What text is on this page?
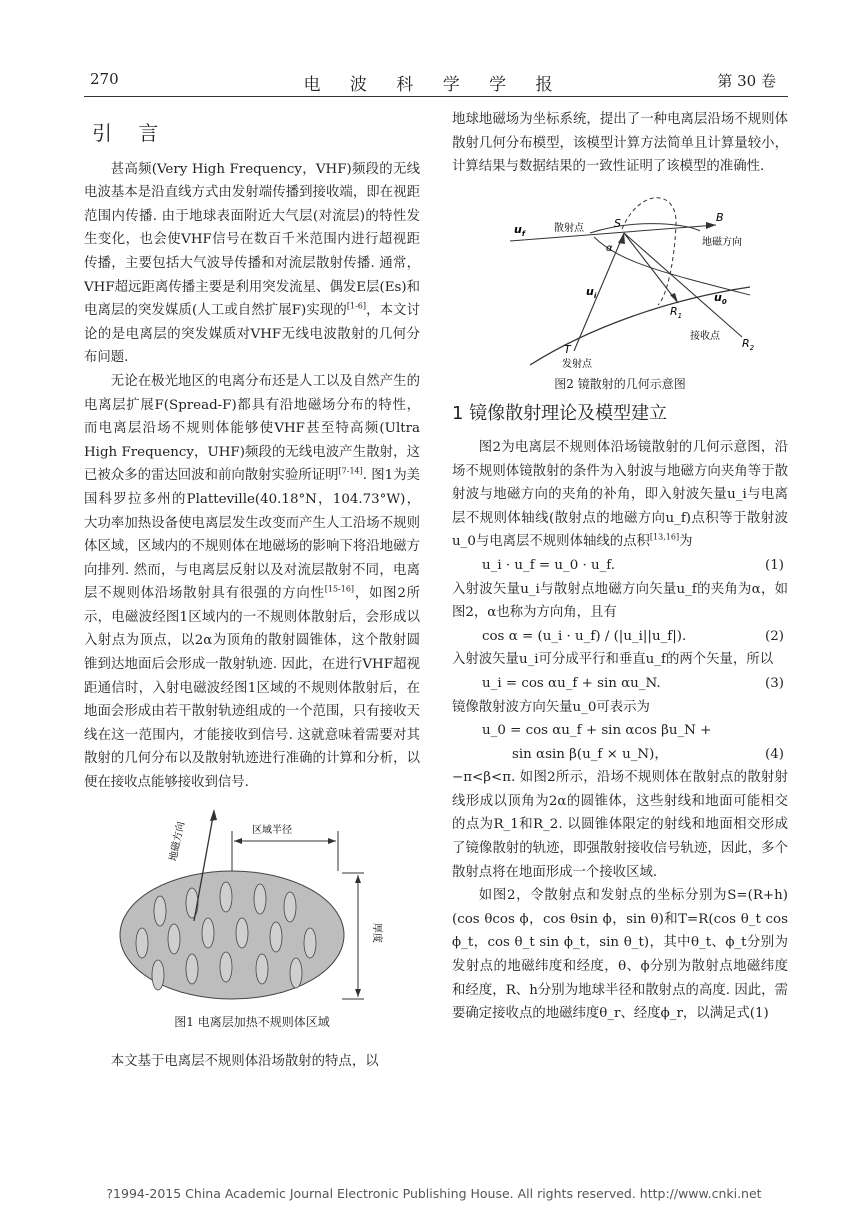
270	电 波 科 学 学 报	第 30 卷
引 言

甚高频(Very High Frequency，VHF)频段的无线电波基本是沿直线方式由发射端传播到接收端，即在视距范围内传播. 由于地球表面附近大气层(对流层)的特性发生变化，也会使VHF信号在数百千米范围内进行超视距传播，主要包括大气波导传播和对流层散射传播. 通常，VHF超远距离传播主要是利用突发流星、偶发E层(Es)和电离层的突发媒质(人工或自然扩展F)实现的[1-6]，本文讨论的是电离层的突发媒质对VHF无线电波散射的几何分布问题.

无论在极光地区的电离分布还是人工以及自然产生的电离层扩展F(Spread-F)都具有沿地磁场分布的特性，而电离层沿场不规则体能够使VHF甚至特高频(Ultra High Frequency，UHF)频段的无线电波产生散射，这已被众多的雷达回波和前向散射实验所证明[7-14]. 图1为美国科罗拉多州的Platteville(40.18°N，104.73°W)，大功率加热设备使电离层发生改变而产生人工沿场不规则体区域，区域内的不规则体在地磁场的影响下将沿地磁方向排列. 然而，与电离层反射以及对流层散射不同，电离层不规则体沿场散射具有很强的方向性[15-16]，如图2所示，电磁波经图1区域内的一不规则体散射后，会形成以入射点为顶点，以2α为顶角的散射圆锥体，这个散射圆锥到达地面后会形成一散射轨迹. 因此，在进行VHF超视距通信时，入射电磁波经图1区域的不规则体散射后，在地面会形成由若干散射轨迹组成的一个范围，只有接收天线在这一范围内，才能接收到信号. 这就意味着需要对其散射的几何分布以及散射轨迹进行准确的计算和分析，以便在接收点能够接收到信号.

地磁方向	区域半径
厚度
图1 电离层加热不规则体区域

本文基于电离层不规则体沿场散射的特点，以

地球地磁场为坐标系统，提出了一种电离层沿场不规则体散射几何分布模型，该模型计算方法简单且计算量较小，计算结果与数据结果的一致性证明了该模型的准确性.

$u_f$	散射点	S	B
地磁方向
α
$u_i$	$u_0$
$R_1$
接收点
$R_2$
T
发射点
图2 镜散射的几何示意图
1 镜像散射理论及模型建立

图2为电离层不规则体沿场镜散射的几何示意图，沿场不规则体镜散射的条件为入射波与地磁方向夹角等于散射波与地磁方向的夹角的补角，即入射波矢量u_i与电离层不规则体轴线(散射点的地磁方向u_f)点积等于散射波u_0与电离层不规则体轴线的点积[13,16]为

u_i · u_f = u_0 · u_f.	(1)

入射波矢量u_i与散射点地磁方向矢量u_f的夹角为α，如图2，α也称为方向角，且有

cos α = (u_i · u_f) / (|u_i||u_f|).	(2)

入射波矢量u_i可分成平行和垂直u_f的两个矢量，所以

u_i = cos αu_f + sin αu_N.	(3)

镜像散射波方向矢量u_0可表示为

u_0 = cos αu_f + sin αcos βu_N +
sin αsin β(u_f × u_N)，	(4)

−π<β<π. 如图2所示，沿场不规则体在散射点的散射射线形成以顶角为2α的圆锥体，这些射线和地面可能相交的点为R_1和R_2. 以圆锥体限定的射线和地面相交形成了镜像散射的轨迹，即强散射接收信号轨迹，因此，多个散射点将在地面形成一个接收区域.

如图2，令散射点和发射点的坐标分别为S=(R+h)(cos θcos ϕ，cos θsin ϕ，sin θ)和T=R(cos θ_t cos ϕ_t，cos θ_t sin ϕ_t，sin θ_t)，其中θ_t、ϕ_t分别为发射点的地磁纬度和经度，θ、ϕ分别为散射点地磁纬度和经度，R、h分别为地球半径和散射点的高度. 因此，需要确定接收点的地磁纬度θ_r、经度ϕ_r，以满足式(1)

?1994-2015 China Academic Journal Electronic Publishing House. All rights reserved. http://www.cnki.net
